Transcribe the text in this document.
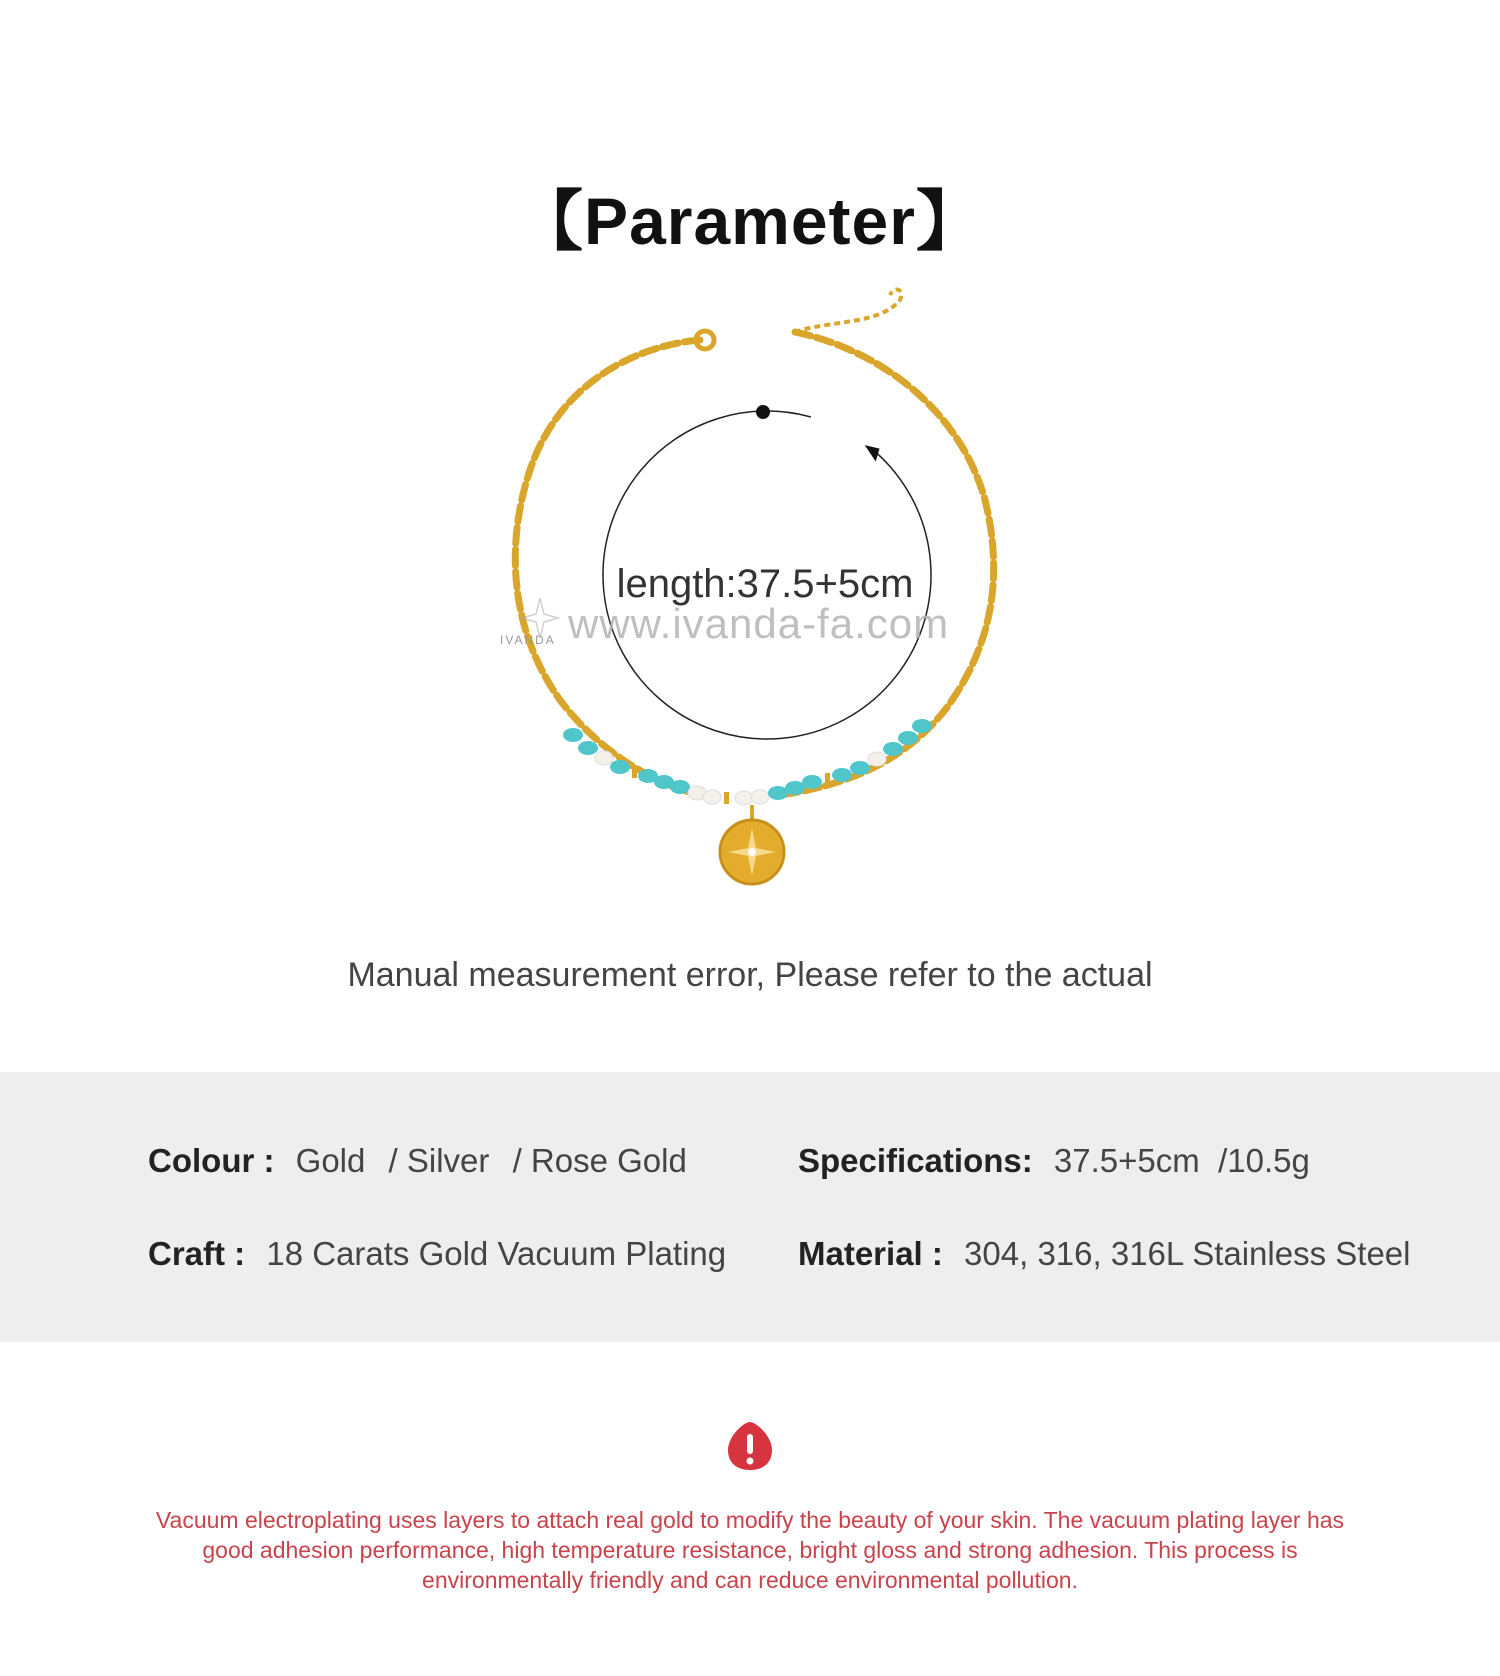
【Parameter】
length:37.5+5cm
www.ivanda-fa.com
IVANDA
Manual measurement error, Please refer to the actual
Colour : Gold / Silver / Rose Gold	Specifications: 37.5+5cm  /10.5g
Craft : 18 Carats Gold Vacuum Plating Material : 304, 316, 316L Stainless Steel
Vacuum electroplating uses layers to attach real gold to modify the beauty of your skin. The vacuum plating layer has good adhesion performance, high temperature resistance, bright gloss and strong adhesion. This process is environmentally friendly and can reduce environmental pollution.
